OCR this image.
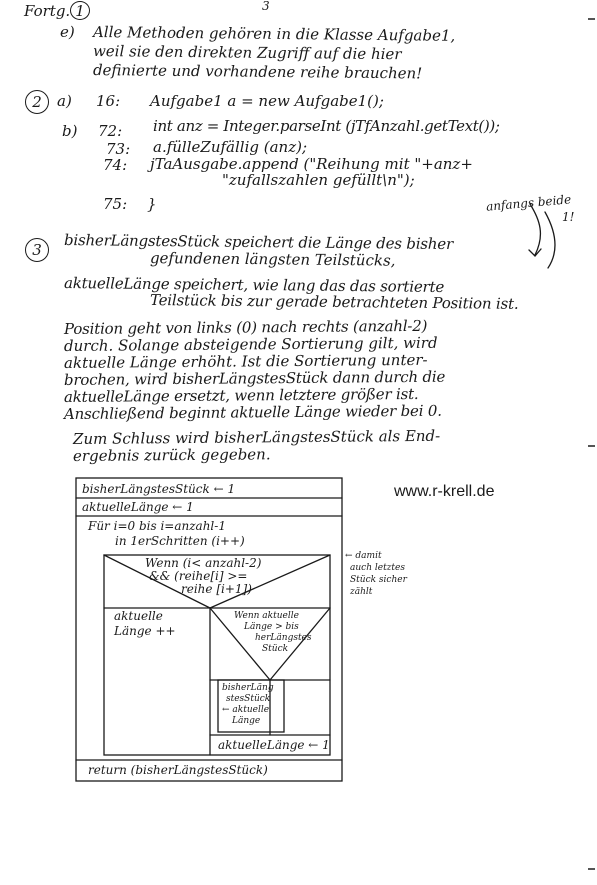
Fortg. 1	3
e) Alle Methoden gehören in die Klasse Aufgabe1,
weil sie den direkten Zugriff auf die hier
definierte und vorhandene reihe brauchen!
2	a) 16: Aufgabe1 a = new Aufgabe1();
b) 72: int anz = Integer.parseInt (jTfAnzahl.getText());
73: a.fülleZufällig (anz);
74: jTaAusgabe.append ("Reihung mit "+anz+
"zufallszahlen gefüllt\n");
75: }	anfangs beide
1!
3	bisherLängstesStück speichert die Länge des bisher
gefundenen längsten Teilstücks,
aktuelleLänge speichert, wie lang das das sortierte
Teilstück bis zur gerade betrachteten Position ist.
Position geht von links (0) nach rechts (anzahl-2)
durch. Solange absteigende Sortierung gilt, wird
aktuelle Länge erhöht. Ist die Sortierung unter-
brochen, wird bisherLängstesStück dann durch die
aktuelleLänge ersetzt, wenn letztere größer ist.
Anschließend beginnt aktuelle Länge wieder bei 0.
Zum Schluss wird bisherLängstesStück als End-
ergebnis zurück gegeben.
www.r-krell.de
bisherLängstesStück ← 1
aktuelleLänge ← 1
Für i=0 bis i=anzahl-1
in 1erSchritten (i++)
Wenn (i< anzahl-2)
&& (reihe[i] >=
reihe [i+1])
← damit
auch letztes
Stück sicher
zählt
aktuelle
Länge ++
Wenn aktuelle
Länge > bis
herLängstes
Stück
bisherLäng
stesStück
← aktuelle
Länge
aktuelleLänge ← 1
return (bisherLängstesStück)
